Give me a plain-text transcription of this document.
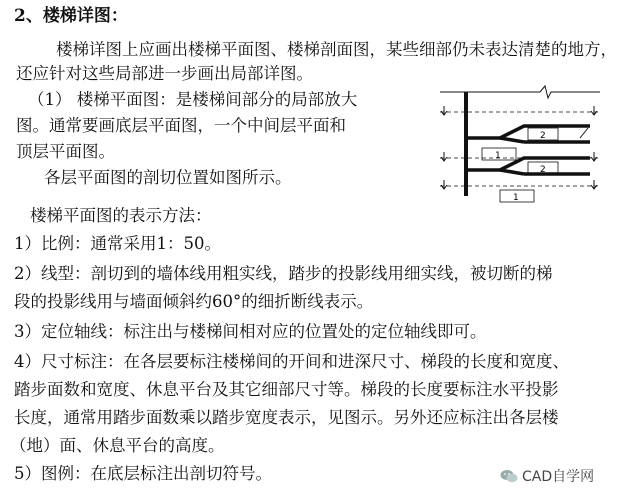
2、楼梯详图：
楼梯详图上应画出楼梯平面图、楼梯剖面图，某些细部仍未表达清楚的地方，
还应针对这些局部进一步画出局部详图。
（1） 楼梯平面图：是楼梯间部分的局部放大
图。通常要画底层平面图，一个中间层平面和
顶层平面图。
各层平面图的剖切位置如图所示。
楼梯平面图的表示方法：
1）比例：通常采用1：50。
2）线型：剖切到的墙体线用粗实线，踏步的投影线用细实线，被切断的梯
段的投影线用与墙面倾斜约60°的细折断线表示。
3）定位轴线：标注出与楼梯间相对应的位置处的定位轴线即可。
4）尺寸标注：在各层要标注楼梯间的开间和进深尺寸、梯段的长度和宽度、
踏步面数和宽度、休息平台及其它细部尺寸等。梯段的长度要标注水平投影
长度，通常用踏步面数乘以踏步宽度表示，见图示。另外还应标注出各层楼
（地）面、休息平台的高度。
5）图例：在底层标注出剖切符号。
1
2
2
1
CAD自学网
